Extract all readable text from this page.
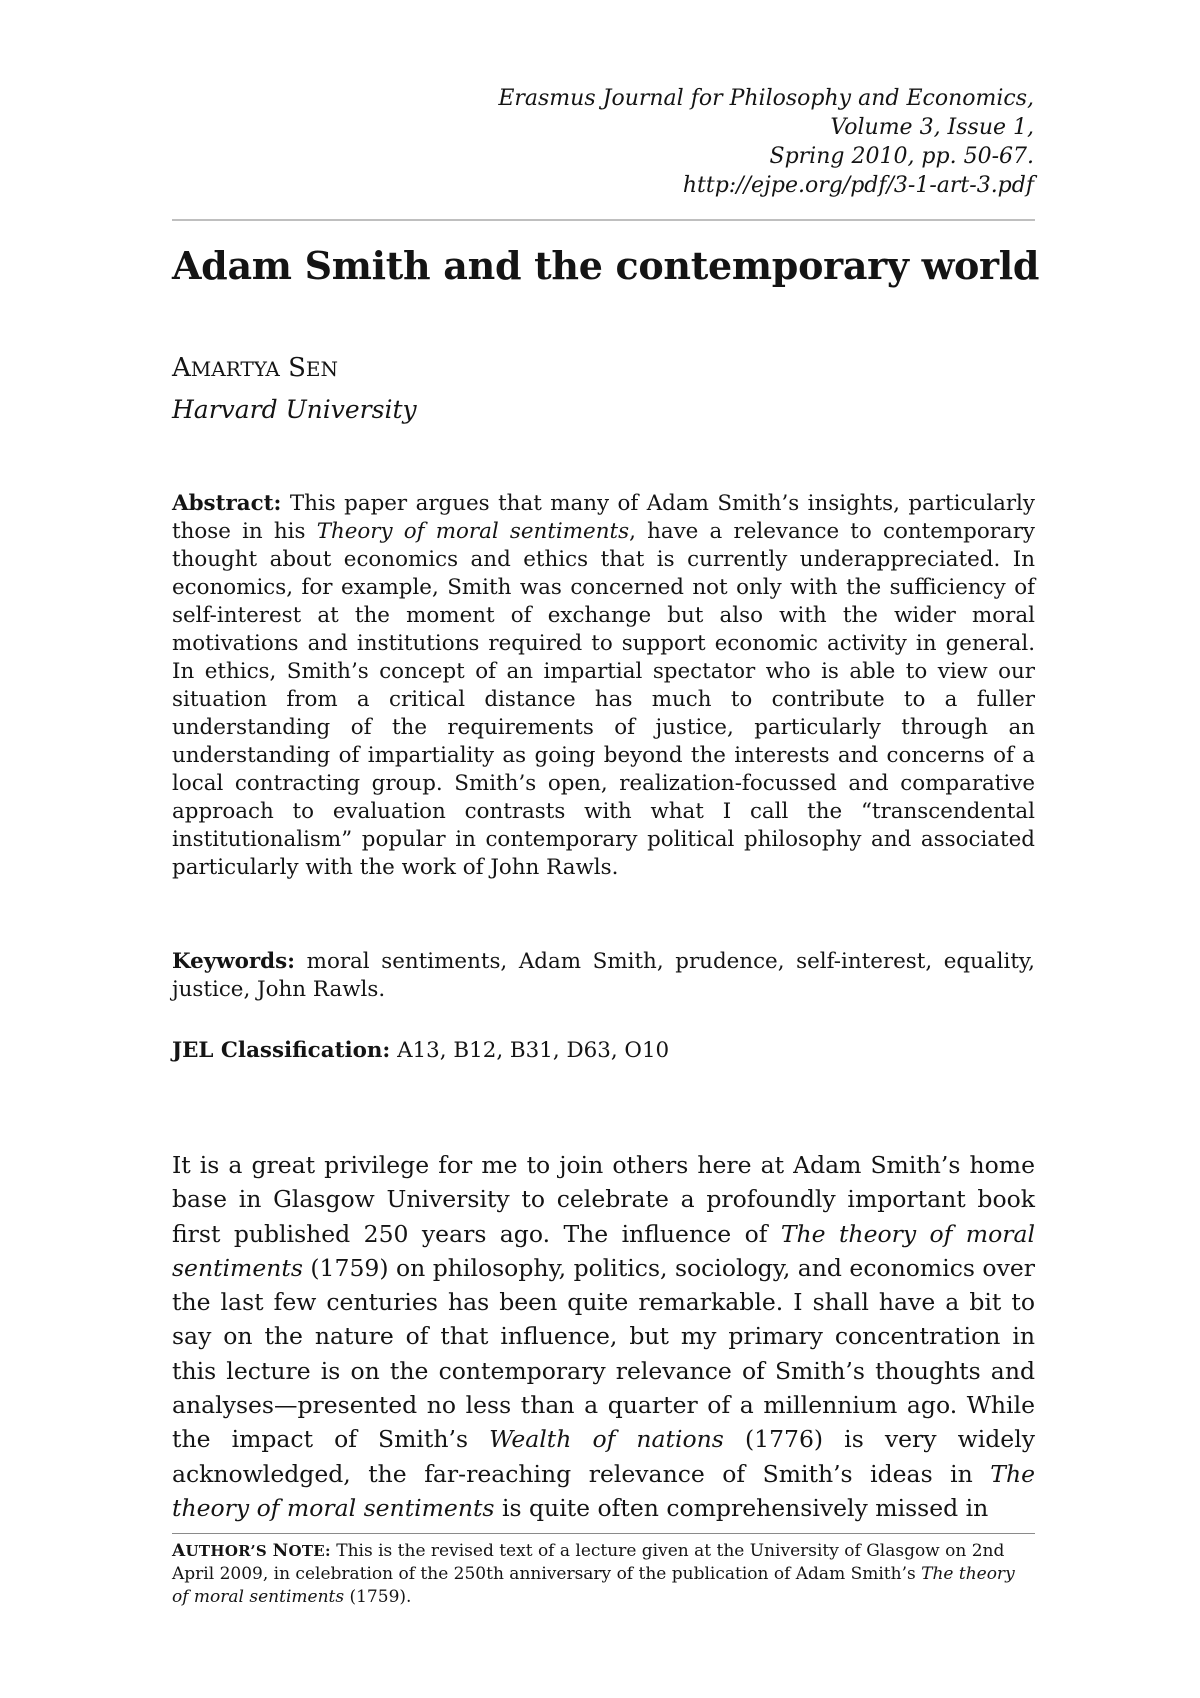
Erasmus Journal for Philosophy and Economics,
Volume 3, Issue 1,
Spring 2010, pp. 50-67.
http://ejpe.org/pdf/3-1-art-3.pdf
Adam Smith and the contemporary world
AMARTYA SEN
Harvard University

Abstract: This paper argues that many of Adam Smith’s insights, particularly those in his Theory of moral sentiments, have a relevance to contemporary thought about economics and ethics that is currently underappreciated. In economics, for example, Smith was concerned not only with the sufficiency of self-interest at the moment of exchange but also with the wider moral motivations and institutions required to support economic activity in general. In ethics, Smith’s concept of an impartial spectator who is able to view our situation from a critical distance has much to contribute to a fuller understanding of the requirements of justice, particularly through an understanding of impartiality as going beyond the interests and concerns of a local contracting group. Smith’s open, realization-focussed and comparative approach to evaluation contrasts with what I call the “transcendental institutionalism” popular in contemporary political philosophy and associated particularly with the work of John Rawls.

Keywords: moral sentiments, Adam Smith, prudence, self-interest, equality, justice, John Rawls.

JEL Classification: A13, B12, B31, D63, O10

It is a great privilege for me to join others here at Adam Smith’s home base in Glasgow University to celebrate a profoundly important book first published 250 years ago. The influence of The theory of moral sentiments (1759) on philosophy, politics, sociology, and economics over the last few centuries has been quite remarkable. I shall have a bit to say on the nature of that influence, but my primary concentration in this lecture is on the contemporary relevance of Smith’s thoughts and analyses—presented no less than a quarter of a millennium ago. While the impact of Smith’s Wealth of nations (1776) is very widely acknowledged, the far-reaching relevance of Smith’s ideas in The theory of moral sentiments is quite often comprehensively missed in

AUTHOR’S NOTE: This is the revised text of a lecture given at the University of Glasgow on 2nd April 2009, in celebration of the 250th anniversary of the publication of Adam Smith’s The theory of moral sentiments (1759).
